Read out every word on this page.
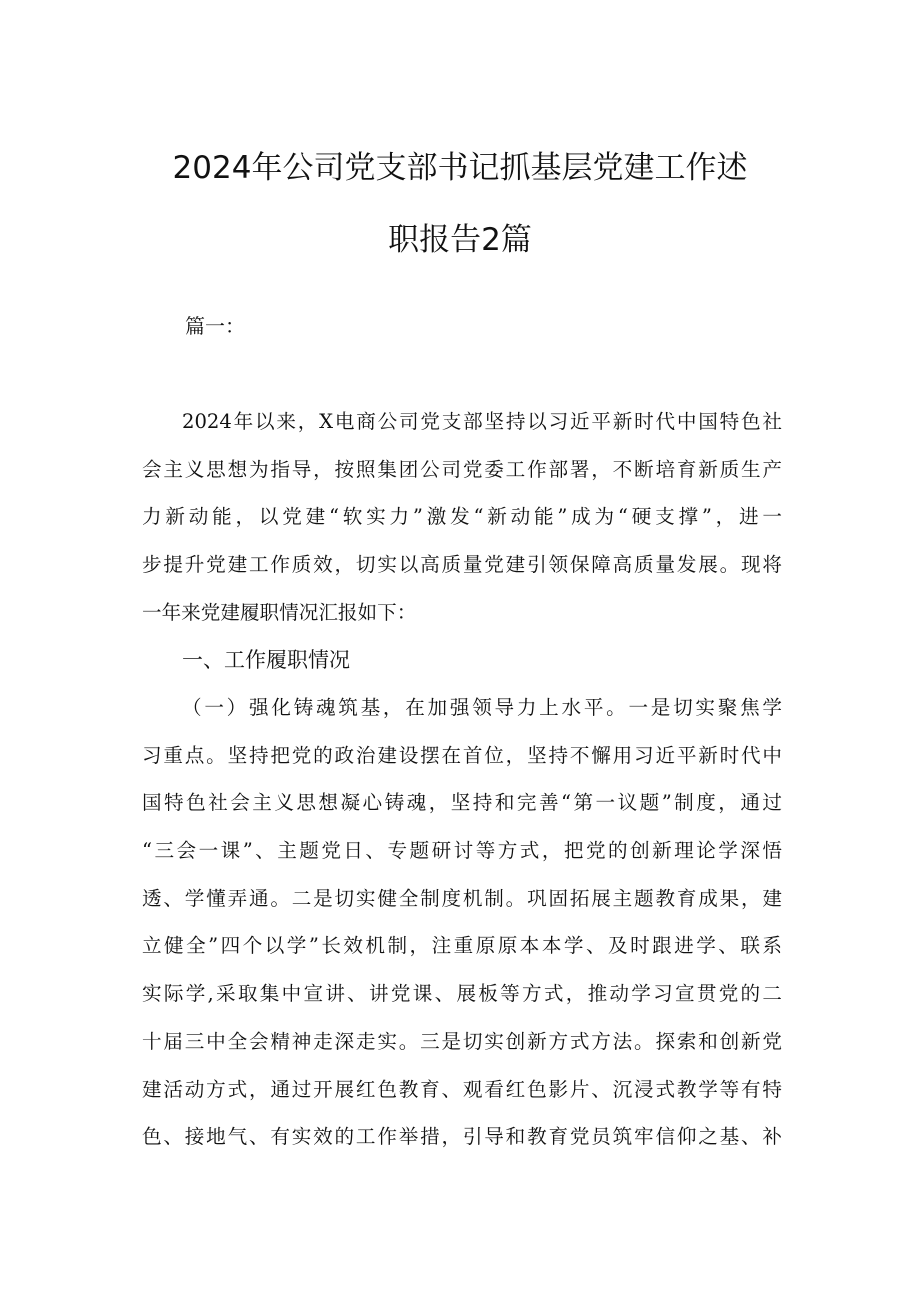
2024年公司党支部书记抓基层党建工作述
职报告2篇
篇一：
2024年以来，X电商公司党支部坚持以习近平新时代中国特色社
会主义思想为指导，按照集团公司党委工作部署，不断培育新质生产
力新动能，以党建“软实力”激发“新动能”成为“硬支撑”，进一
步提升党建工作质效，切实以高质量党建引领保障高质量发展。现将
一年来党建履职情况汇报如下：
一、工作履职情况
（一）强化铸魂筑基，在加强领导力上水平。一是切实聚焦学
习重点。坚持把党的政治建设摆在首位，坚持不懈用习近平新时代中
国特色社会主义思想凝心铸魂，坚持和完善“第一议题”制度，通过
“三会一课”、主题党日、专题研讨等方式，把党的创新理论学深悟
透、学懂弄通。二是切实健全制度机制。巩固拓展主题教育成果，建
立健全”四个以学”长效机制，注重原原本本学、及时跟进学、联系
实际学,采取集中宣讲、讲党课、展板等方式，推动学习宣贯党的二
十届三中全会精神走深走实。三是切实创新方式方法。探索和创新党
建活动方式，通过开展红色教育、观看红色影片、沉浸式教学等有特
色、接地气、有实效的工作举措，引导和教育党员筑牢信仰之基、补
